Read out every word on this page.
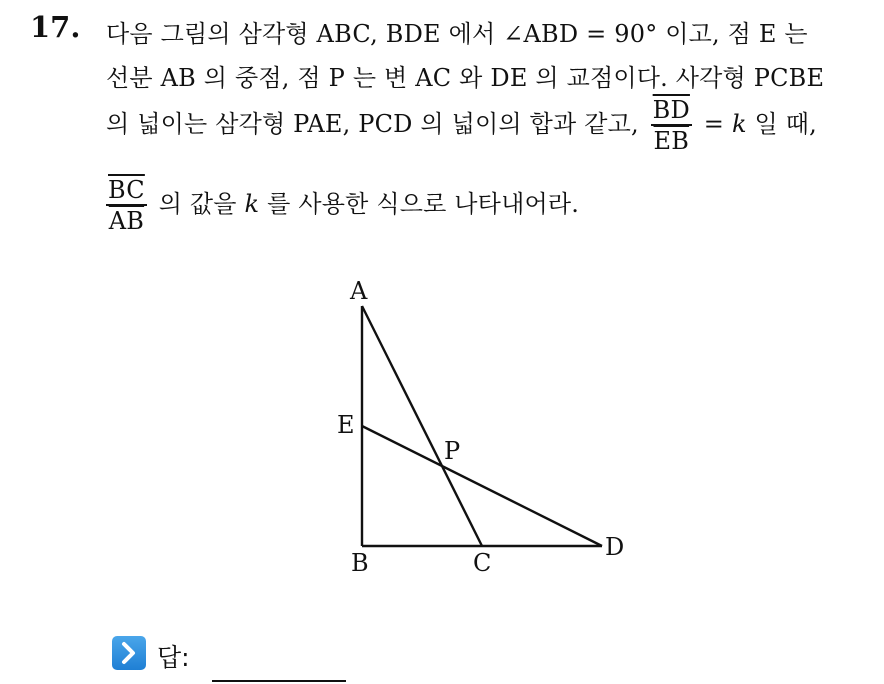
17. 다음 그림의 삼각형 ABC, BDE 에서 ∠ABD = 90° 이고, 점 E 는
선분 AB 의 중점, 점 P 는 변 AC 와 DE 의 교점이다. 사각형 PCBE
의 넓이는 삼각형 PAE, PCD 의 넓이의 합과 같고, $\frac{\overline{BD}}{EB} = k$ 일 때,
$\frac{\overline{BC}}{AB}$ 의 값을 k 를 사용한 식으로 나타내어라.
A
E
P
B	C
D
답:
